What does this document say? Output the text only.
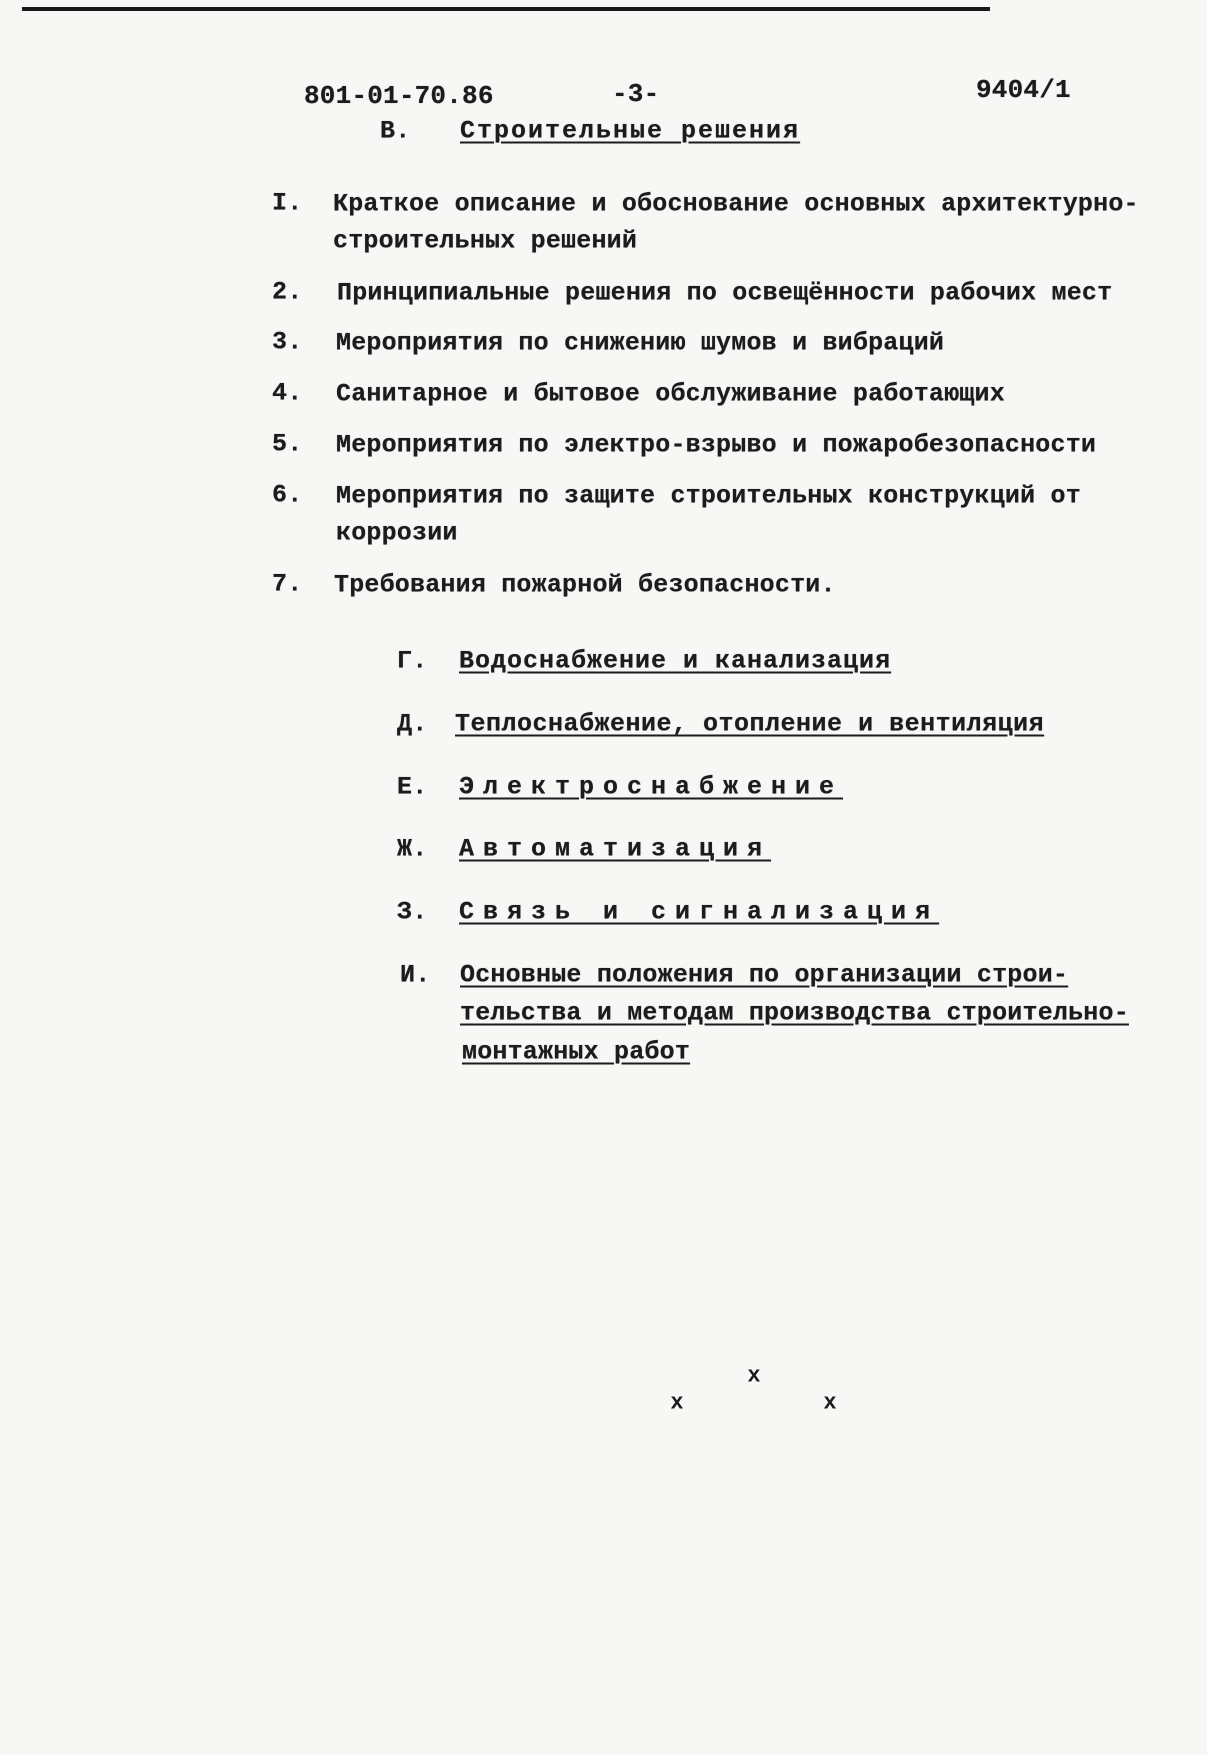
801-01-70.86	-3-	9404/1
В. Строительные решения
I. Краткое описание и обоснование основных архитектурно-
строительных решений
2. Принципиальные решения по освещённости рабочих мест
3. Мероприятия по снижению шумов и вибраций
4. Санитарное и бытовое обслуживание работающих
5. Мероприятия по электро-взрыво и пожаробезопасности
6. Мероприятия по защите строительных конструкций от
коррозии
7. Требования пожарной безопасности.
Г. Водоснабжение и канализация
Д. Теплоснабжение, отопление и вентиляция
Е. Электроснабжение
Ж. Автоматизация
З. Связь и сигнализация
И. Основные положения по организации строи-
тельства и методам производства строительно-
монтажных работ
x
x	x
